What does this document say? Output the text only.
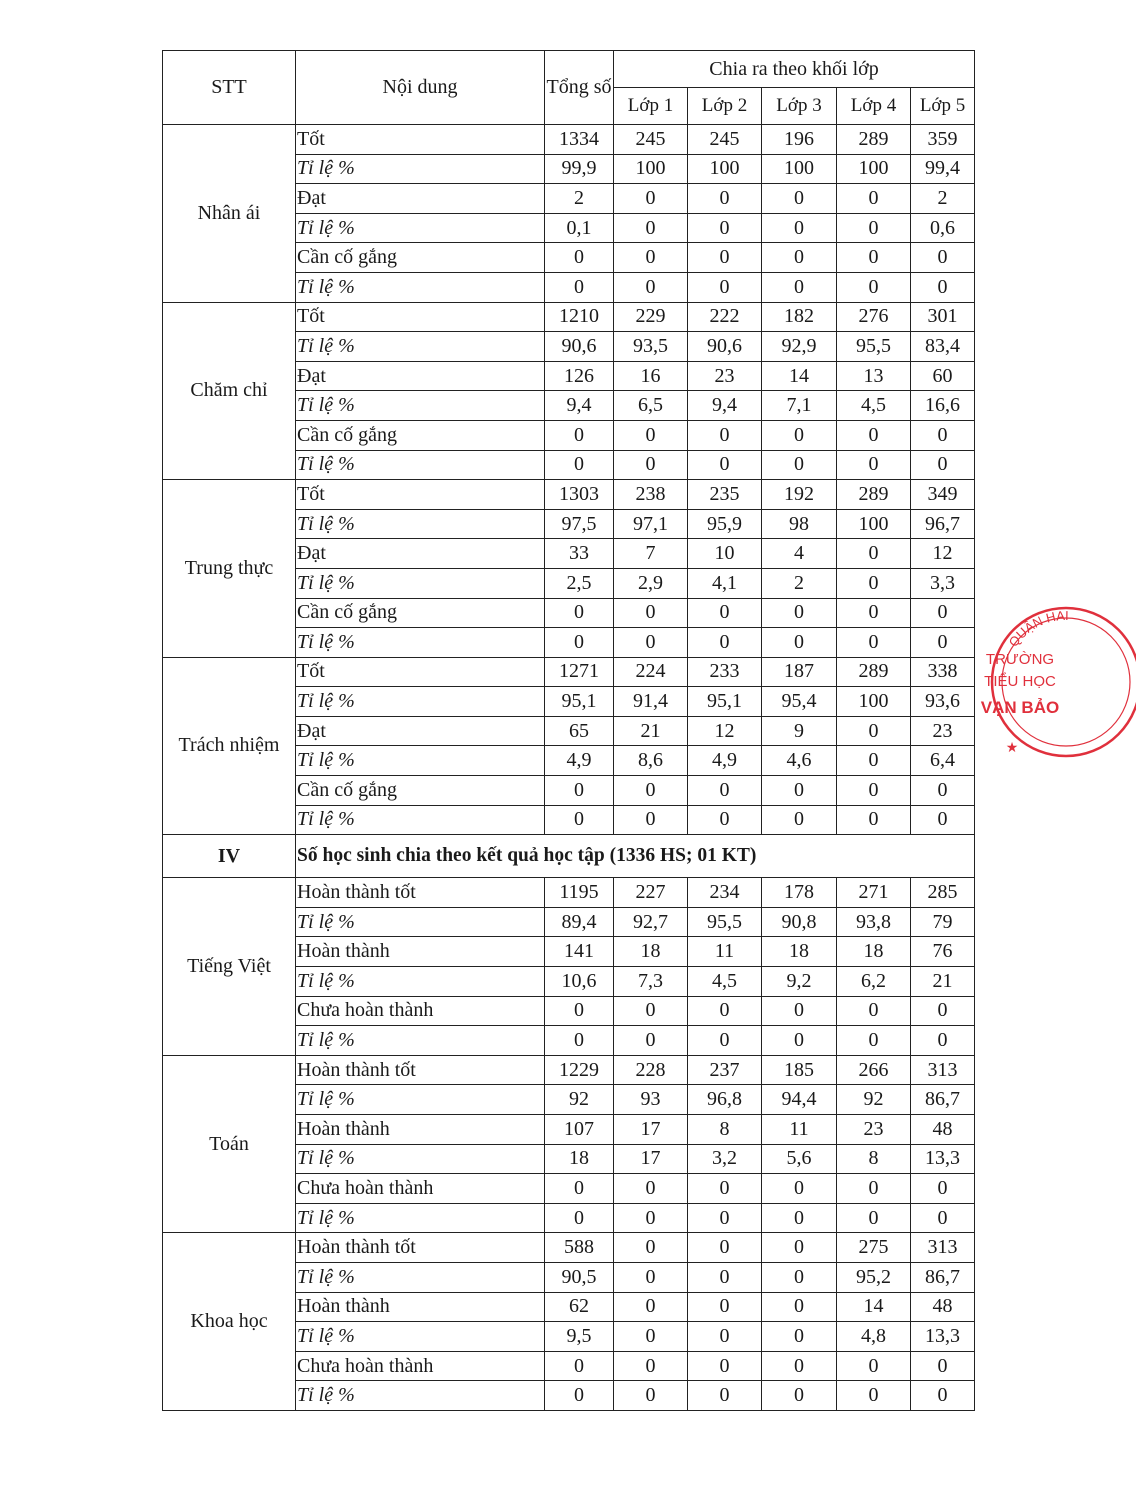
STT	Nội dung	Tổng số	Chia ra theo khối lớp				
			Lớp 1	Lớp 2	Lớp 3	Lớp 4	Lớp 5
Nhân ái	Tốt	1334	245	245	196	289	359
	Tỉ lệ %	99,9	100	100	100	100	99,4
	Đạt	2	0	0	0	0	2
	Tỉ lệ %	0,1	0	0	0	0	0,6
	Cần cố gắng	0	0	0	0	0	0
	Tỉ lệ %	0	0	0	0	0	0
Chăm chỉ	Tốt	1210	229	222	182	276	301
	Tỉ lệ %	90,6	93,5	90,6	92,9	95,5	83,4
	Đạt	126	16	23	14	13	60
	Tỉ lệ %	9,4	6,5	9,4	7,1	4,5	16,6
	Cần cố gắng	0	0	0	0	0	0
	Tỉ lệ %	0	0	0	0	0	0
Trung thực	Tốt	1303	238	235	192	289	349
	Tỉ lệ %	97,5	97,1	95,9	98	100	96,7
	Đạt	33	7	10	4	0	12
	Tỉ lệ %	2,5	2,9	4,1	2	0	3,3
	Cần cố gắng	0	0	0	0	0	0
	Tỉ lệ %	0	0	0	0	0	0
Trách nhiệm	Tốt	1271	224	233	187	289	338
	Tỉ lệ %	95,1	91,4	95,1	95,4	100	93,6
	Đạt	65	21	12	9	0	23
	Tỉ lệ %	4,9	8,6	4,9	4,6	0	6,4
	Cần cố gắng	0	0	0	0	0	0
	Tỉ lệ %	0	0	0	0	0	0
IV	Số học sinh chia theo kết quả học tập (1336 HS; 01 KT)						
Tiếng Việt	Hoàn thành tốt	1195	227	234	178	271	285
	Tỉ lệ %	89,4	92,7	95,5	90,8	93,8	79
	Hoàn thành	141	18	11	18	18	76
	Tỉ lệ %	10,6	7,3	4,5	9,2	6,2	21
	Chưa hoàn thành	0	0	0	0	0	0
	Tỉ lệ %	0	0	0	0	0	0
Toán	Hoàn thành tốt	1229	228	237	185	266	313
	Tỉ lệ %	92	93	96,8	94,4	92	86,7
	Hoàn thành	107	17	8	11	23	48
	Tỉ lệ %	18	17	3,2	5,6	8	13,3
	Chưa hoàn thành	0	0	0	0	0	0
	Tỉ lệ %	0	0	0	0	0	0
Khoa học	Hoàn thành tốt	588	0	0	0	275	313
	Tỉ lệ %	90,5	0	0	0	95,2	86,7
	Hoàn thành	62	0	0	0	14	48
	Tỉ lệ %	9,5	0	0	0	4,8	13,3
	Chưa hoàn thành	0	0	0	0	0	0
	Tỉ lệ %	0	0	0	0	0	0
QUẬN HAI
TRƯỜNG
TIỂU HỌC
VẠN BẢO
★
